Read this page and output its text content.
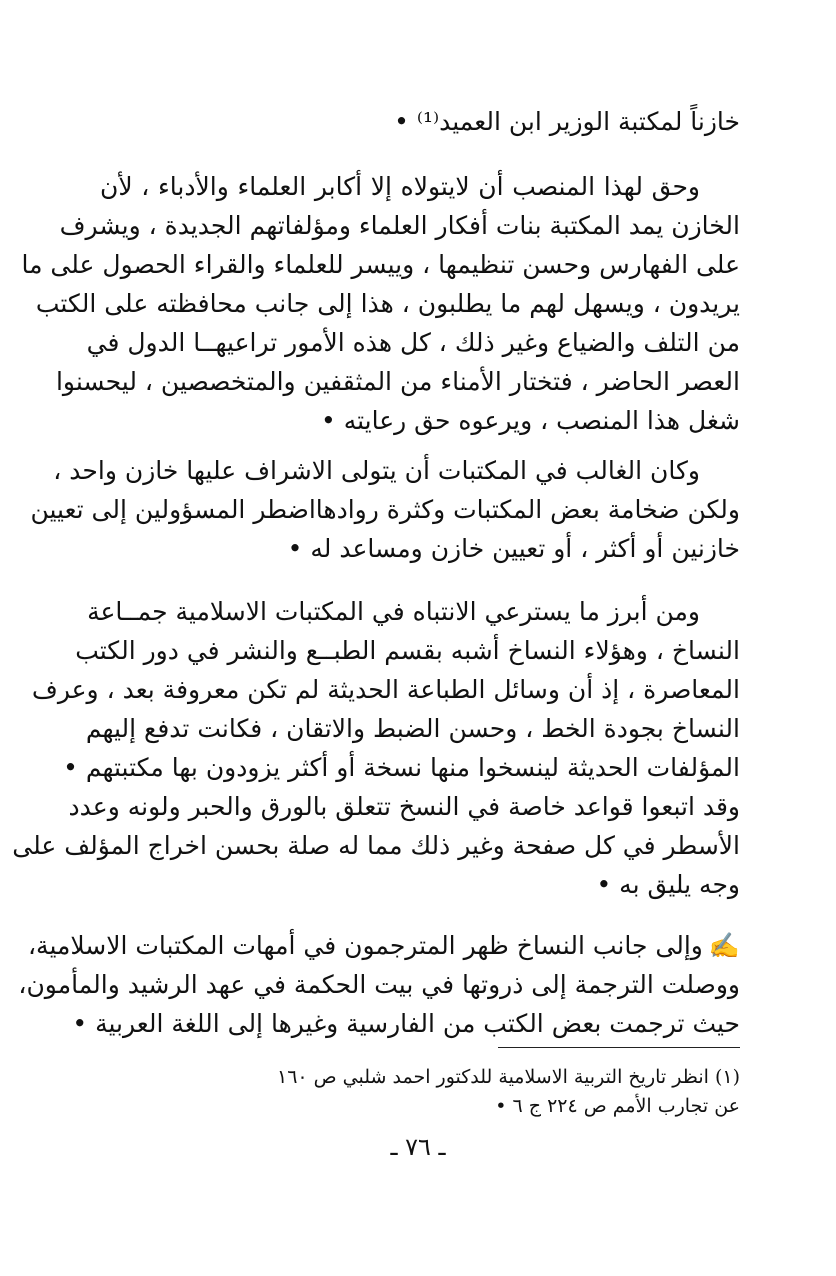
خازناً لمكتبة الوزير ابن العميد⁽¹⁾ •
وحق لهذا المنصب أن لايتولاه إلا أكابر العلماء والأدباء ، لأن
الخازن يمد المكتبة بنات أفكار العلماء ومؤلفاتهم الجديدة ، ويشرف
على الفهارس وحسن تنظيمها ، وييسر للعلماء والقراء الحصول على ما
يريدون ، ويسهل لهم ما يطلبون ، هذا إلى جانب محافظته على الكتب
من التلف والضياع وغير ذلك ، كل هذه الأمور تراعيهــا الدول في
العصر الحاضر ، فتختار الأمناء من المثقفين والمتخصصين ، ليحسنوا
شغل هذا المنصب ، ويرعوه حق رعايته •
وكان الغالب في المكتبات أن يتولى الاشراف عليها خازن واحد ،
ولكن ضخامة بعض المكتبات وكثرة روادهااضطر المسؤولين إلى تعيين
خازنين أو أكثر ، أو تعيين خازن ومساعد له •
ومن أبرز ما يسترعي الانتباه في المكتبات الاسلامية جمــاعة
النساخ ، وهؤلاء النساخ أشبه بقسم الطبــع والنشر في دور الكتب
المعاصرة ، إذ أن وسائل الطباعة الحديثة لم تكن معروفة بعد ، وعرف
النساخ بجودة الخط ، وحسن الضبط والاتقان ، فكانت تدفع إليهم
المؤلفات الحديثة لينسخوا منها نسخة أو أكثر يزودون بها مكتبتهم •
وقد اتبعوا قواعد خاصة في النسخ تتعلق بالورق والحبر ولونه وعدد
الأسطر في كل صفحة وغير ذلك مما له صلة بحسن اخراج المؤلف على
وجه يليق به •
✍وإلى جانب النساخ ظهر المترجمون في أمهات المكتبات الاسلامية،
ووصلت الترجمة إلى ذروتها في بيت الحكمة في عهد الرشيد والمأمون،
حيث ترجمت بعض الكتب من الفارسية وغيرها إلى اللغة العربية •
(١) انظر تاريخ التربية الاسلامية للدكتور احمد شلبي ص ١٦٠
عن تجارب الأمم ص ٢٢٤ ج ٦ •
ـ ٧٦ ـ
